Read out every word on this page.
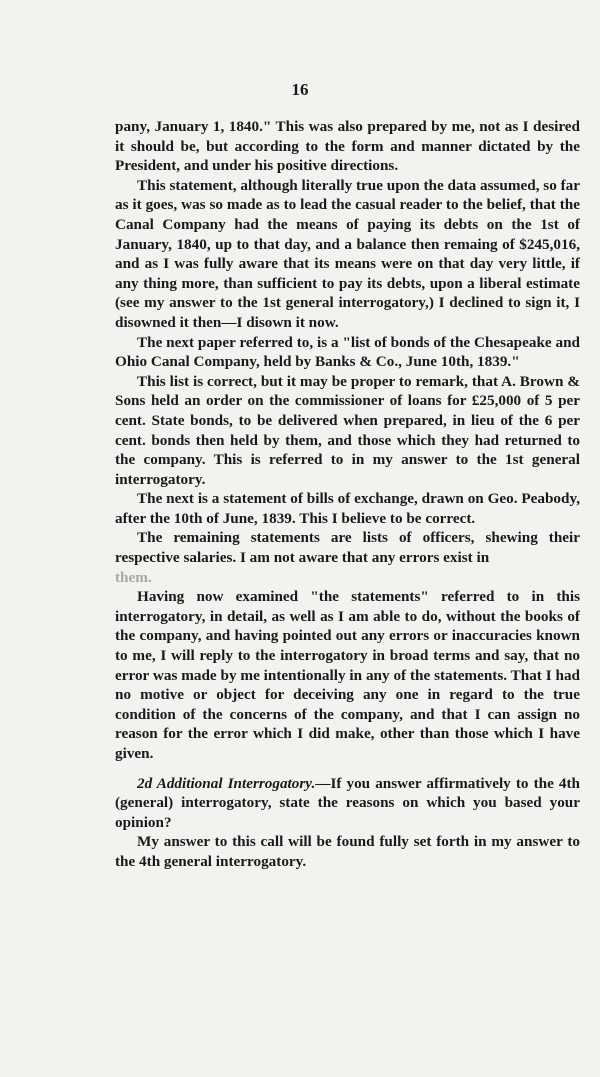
16

pany, January 1, 1840." This was also prepared by me, not as I desired it should be, but according to the form and manner dictated by the President, and under his positive directions.

This statement, although literally true upon the data assumed, so far as it goes, was so made as to lead the casual reader to the belief, that the Canal Company had the means of paying its debts on the 1st of January, 1840, up to that day, and a balance then remaing of $245,016, and as I was fully aware that its means were on that day very little, if any thing more, than sufficient to pay its debts, upon a liberal estimate (see my answer to the 1st general interrogatory,) I declined to sign it, I disowned it then—I disown it now.

The next paper referred to, is a "list of bonds of the Chesapeake and Ohio Canal Company, held by Banks & Co., June 10th, 1839."

This list is correct, but it may be proper to remark, that A. Brown & Sons held an order on the commissioner of loans for £25,000 of 5 per cent. State bonds, to be delivered when prepared, in lieu of the 6 per cent. bonds then held by them, and those which they had returned to the company. This is referred to in my answer to the 1st general interrogatory.

The next is a statement of bills of exchange, drawn on Geo. Peabody, after the 10th of June, 1839. This I believe to be correct.

The remaining statements are lists of officers, shewing their respective salaries. I am not aware that any errors exist in

them.

Having now examined "the statements" referred to in this interrogatory, in detail, as well as I am able to do, without the books of the company, and having pointed out any errors or inaccuracies known to me, I will reply to the interrogatory in broad terms and say, that no error was made by me intentionally in any of the statements. That I had no motive or object for deceiving any one in regard to the true condition of the concerns of the company, and that I can assign no reason for the error which I did make, other than those which I have given.

2d Additional Interrogatory.—If you answer affirmatively to the 4th (general) interrogatory, state the reasons on which you based your opinion?

My answer to this call will be found fully set forth in my answer to the 4th general interrogatory.
